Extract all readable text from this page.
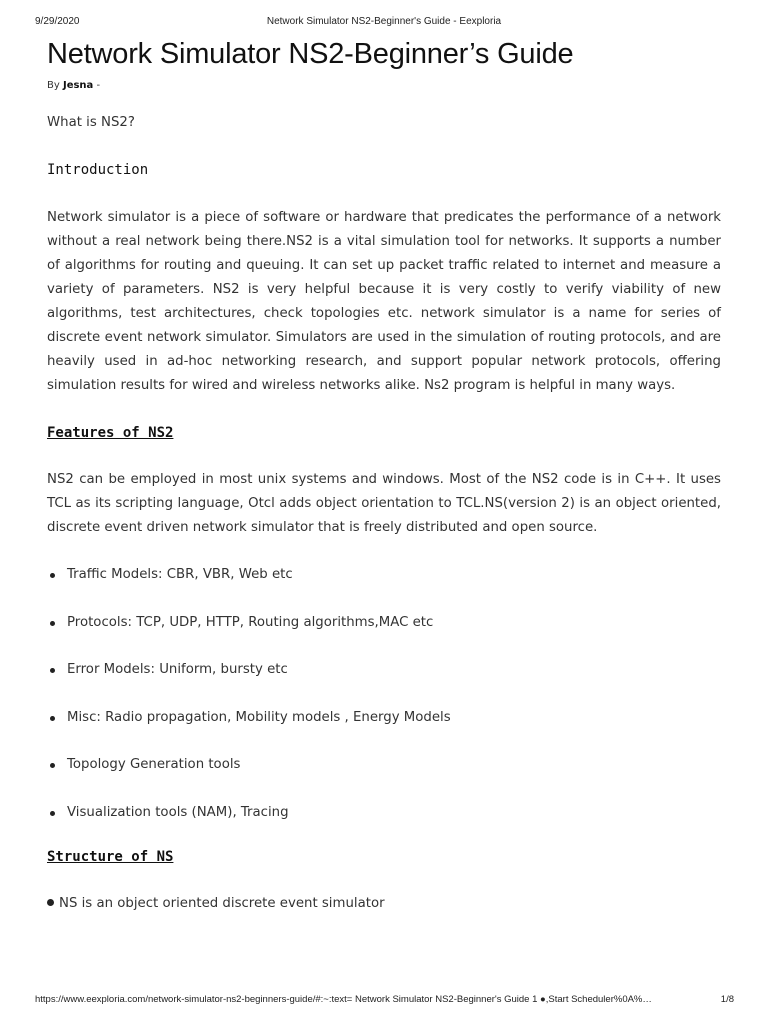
9/29/2020	Network Simulator NS2-Beginner's Guide - Eexploria
Network Simulator NS2-Beginner’s Guide
By Jesna -

What is NS2?

Introduction

Network simulator is a piece of software or hardware that predicates the performance of a network without a real network being there.NS2 is a vital simulation tool for networks. It supports a number of algorithms for routing and queuing. It can set up packet traffic related to internet and measure a variety of parameters. NS2 is very helpful because it is very costly to verify viability of new algorithms, test architectures, check topologies etc. network simulator is a name for series of discrete event network simulator. Simulators are used in the simulation of routing protocols, and are heavily used in ad-hoc networking research, and support popular network protocols, offering simulation results for wired and wireless networks alike. Ns2 program is helpful in many ways.

Features of NS2

NS2 can be employed in most unix systems and windows. Most of the NS2 code is in C++. It uses TCL as its scripting language, Otcl adds object orientation to TCL.NS(version 2) is an object oriented, discrete event driven network simulator that is freely distributed and open source.

Traffic Models: CBR, VBR, Web etc
Protocols: TCP, UDP, HTTP, Routing algorithms,MAC etc
Error Models: Uniform, bursty etc
Misc: Radio propagation, Mobility models , Energy Models
Topology Generation tools
Visualization tools (NAM), Tracing

Structure of NS

NS is an object oriented discrete event simulator

https://www.eexploria.com/network-simulator-ns2-beginners-guide/#:~:text= Network Simulator NS2-Beginner's Guide 1 ●,Start Scheduler%0A%…	1/8
